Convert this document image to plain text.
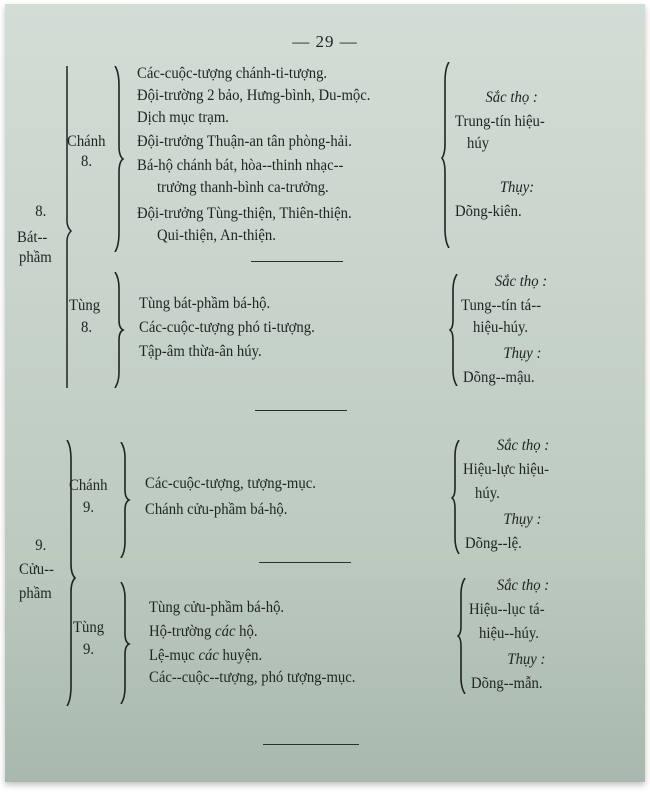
— 29 —
8.
Bát--
phầm
Chánh
8.
Các-cuộc-tượng chánh-ti-tượng.
Đội-trường 2 bảo, Hưng-bình, Du-mộc.
Dịch mục trạm.
Đội-trưởng Thuận-an tân phòng-hải.
Bá-hộ chánh bát, hòa--thinh nhạc--
trưởng thanh-bình ca-trưởng.
Đội-trưởng Tùng-thiện, Thiên-thiện.
Qui-thiện, An-thiện.
Sắc thọ :
Trung-tín hiệu-
húy
Thụy:
Dõng-kiên.
Tùng
8.
Tùng bát-phầm bá-hộ.
Các-cuộc-tượng phó ti-tượng.
Tập-âm thừa-ân húy.
Sắc thọ :
Tung--tín tá--
hiệu-húy.
Thụy :
Dõng--mậu.
9.
Cửu--
phầm
Chánh
9.
Các-cuộc-tượng, tượng-mục.
Chánh cửu-phầm bá-hộ.
Sắc thọ :
Hiệu-lực hiệu-
húy.
Thụy :
Dõng--lệ.
Tùng
9.
Tùng cửu-phầm bá-hộ.
Hộ-trường các hộ.
Lệ-mục các huyện.
Các--cuộc--tượng, phó tượng-mục.
Sắc thọ :
Hiệu--lục tá-
hiệu--húy.
Thụy :
Dõng--mẫn.
